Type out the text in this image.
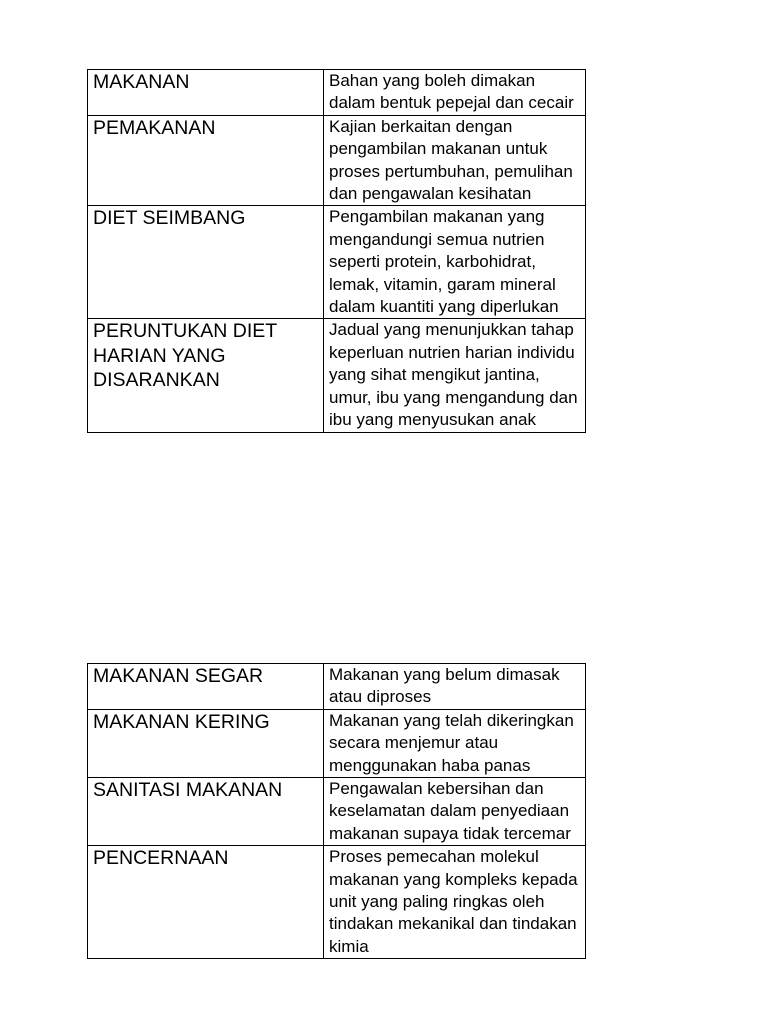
MAKANAN	Bahan yang boleh dimakan dalam bentuk pepejal dan cecair
PEMAKANAN	Kajian berkaitan dengan pengambilan makanan untuk proses pertumbuhan, pemulihan dan pengawalan kesihatan
DIET SEIMBANG	Pengambilan makanan yang mengandungi semua nutrien seperti protein, karbohidrat, lemak, vitamin, garam mineral dalam kuantiti yang diperlukan
PERUNTUKAN DIET HARIAN YANG DISARANKAN	Jadual yang menunjukkan tahap keperluan nutrien harian individu yang sihat mengikut jantina, umur, ibu yang mengandung dan ibu yang menyusukan anak
MAKANAN SEGAR	Makanan yang belum dimasak atau diproses
MAKANAN KERING	Makanan yang telah dikeringkan secara menjemur atau menggunakan haba panas
SANITASI MAKANAN	Pengawalan kebersihan dan keselamatan dalam penyediaan makanan supaya tidak tercemar
PENCERNAAN	Proses pemecahan molekul makanan yang kompleks kepada unit yang paling ringkas oleh tindakan mekanikal dan tindakan kimia
